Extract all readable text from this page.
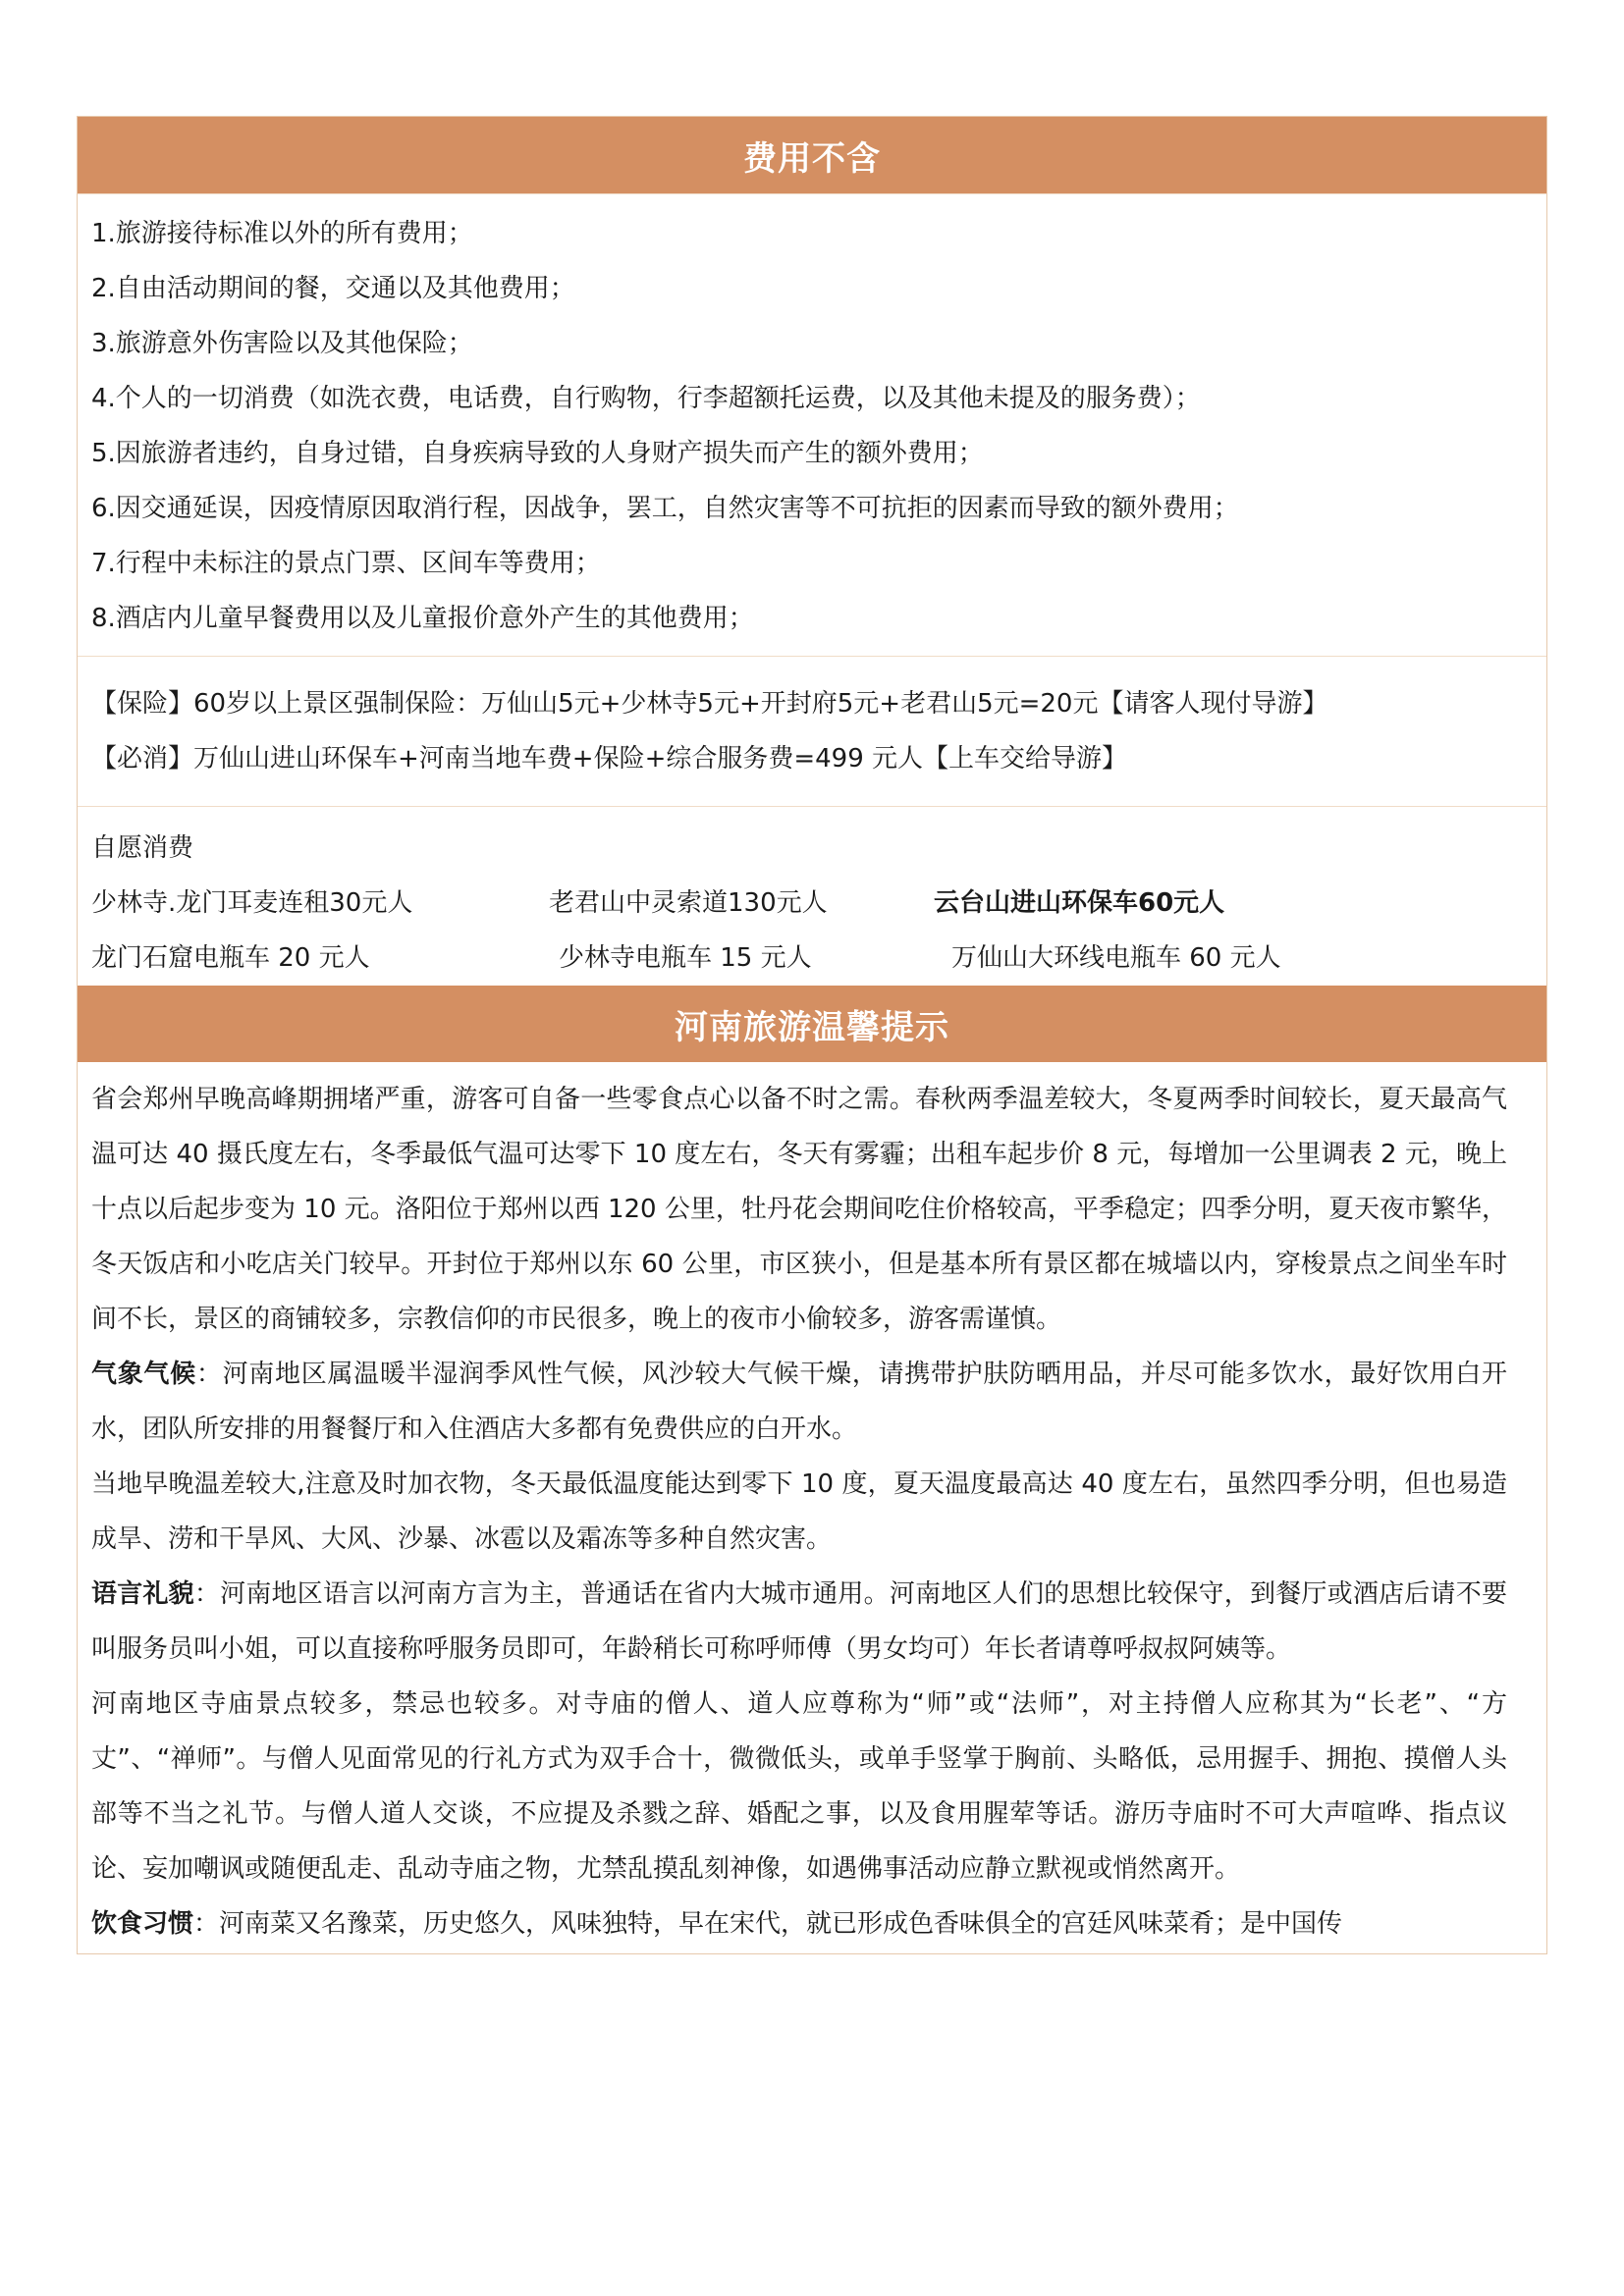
费用不含
1.旅游接待标准以外的所有费用；
2.自由活动期间的餐，交通以及其他费用；
3.旅游意外伤害险以及其他保险；
4.个人的一切消费（如洗衣费，电话费，自行购物，行李超额托运费，以及其他未提及的服务费）；
5.因旅游者违约，自身过错，自身疾病导致的人身财产损失而产生的额外费用；
6.因交通延误，因疫情原因取消行程，因战争，罢工，自然灾害等不可抗拒的因素而导致的额外费用；
7.行程中未标注的景点门票、区间车等费用；
8.酒店内儿童早餐费用以及儿童报价意外产生的其他费用；
【保险】60岁以上景区强制保险：万仙山5元+少林寺5元+开封府5元+老君山5元=20元【请客人现付导游】
【必消】万仙山进山环保车+河南当地车费+保险+综合服务费=499 元人【上车交给导游】
自愿消费
少林寺.龙门耳麦连租30元人	老君山中灵索道130元人	云台山进山环保车60元人
龙门石窟电瓶车 20 元人	少林寺电瓶车 15 元人	万仙山大环线电瓶车 60 元人
河南旅游温馨提示

省会郑州早晚高峰期拥堵严重，游客可自备一些零食点心以备不时之需。春秋两季温差较大，冬夏两季时间较长，夏天最高气温可达 40 摄氏度左右，冬季最低气温可达零下 10 度左右，冬天有雾霾；出租车起步价 8 元，每增加一公里调表 2 元，晚上十点以后起步变为 10 元。洛阳位于郑州以西 120 公里，牡丹花会期间吃住价格较高，平季稳定；四季分明，夏天夜市繁华，冬天饭店和小吃店关门较早。开封位于郑州以东 60 公里，市区狭小，但是基本所有景区都在城墙以内，穿梭景点之间坐车时间不长，景区的商铺较多，宗教信仰的市民很多，晚上的夜市小偷较多，游客需谨慎。

气象气候：河南地区属温暖半湿润季风性气候，风沙较大气候干燥，请携带护肤防晒用品，并尽可能多饮水，最好饮用白开水，团队所安排的用餐餐厅和入住酒店大多都有免费供应的白开水。

当地早晚温差较大,注意及时加衣物，冬天最低温度能达到零下 10 度，夏天温度最高达 40 度左右，虽然四季分明，但也易造成旱、涝和干旱风、大风、沙暴、冰雹以及霜冻等多种自然灾害。

语言礼貌：河南地区语言以河南方言为主，普通话在省内大城市通用。河南地区人们的思想比较保守，到餐厅或酒店后请不要叫服务员叫小姐，可以直接称呼服务员即可，年龄稍长可称呼师傅（男女均可）年长者请尊呼叔叔阿姨等。

河南地区寺庙景点较多，禁忌也较多。对寺庙的僧人、道人应尊称为“师”或“法师”，对主持僧人应称其为“长老”、“方丈”、“禅师”。与僧人见面常见的行礼方式为双手合十，微微低头，或单手竖掌于胸前、头略低，忌用握手、拥抱、摸僧人头部等不当之礼节。与僧人道人交谈，不应提及杀戮之辞、婚配之事，以及食用腥荤等话。游历寺庙时不可大声喧哗、指点议论、妄加嘲讽或随便乱走、乱动寺庙之物，尤禁乱摸乱刻神像，如遇佛事活动应静立默视或悄然离开。

饮食习惯：河南菜又名豫菜，历史悠久，风味独特，早在宋代，就已形成色香味俱全的宫廷风味菜肴；是中国传
